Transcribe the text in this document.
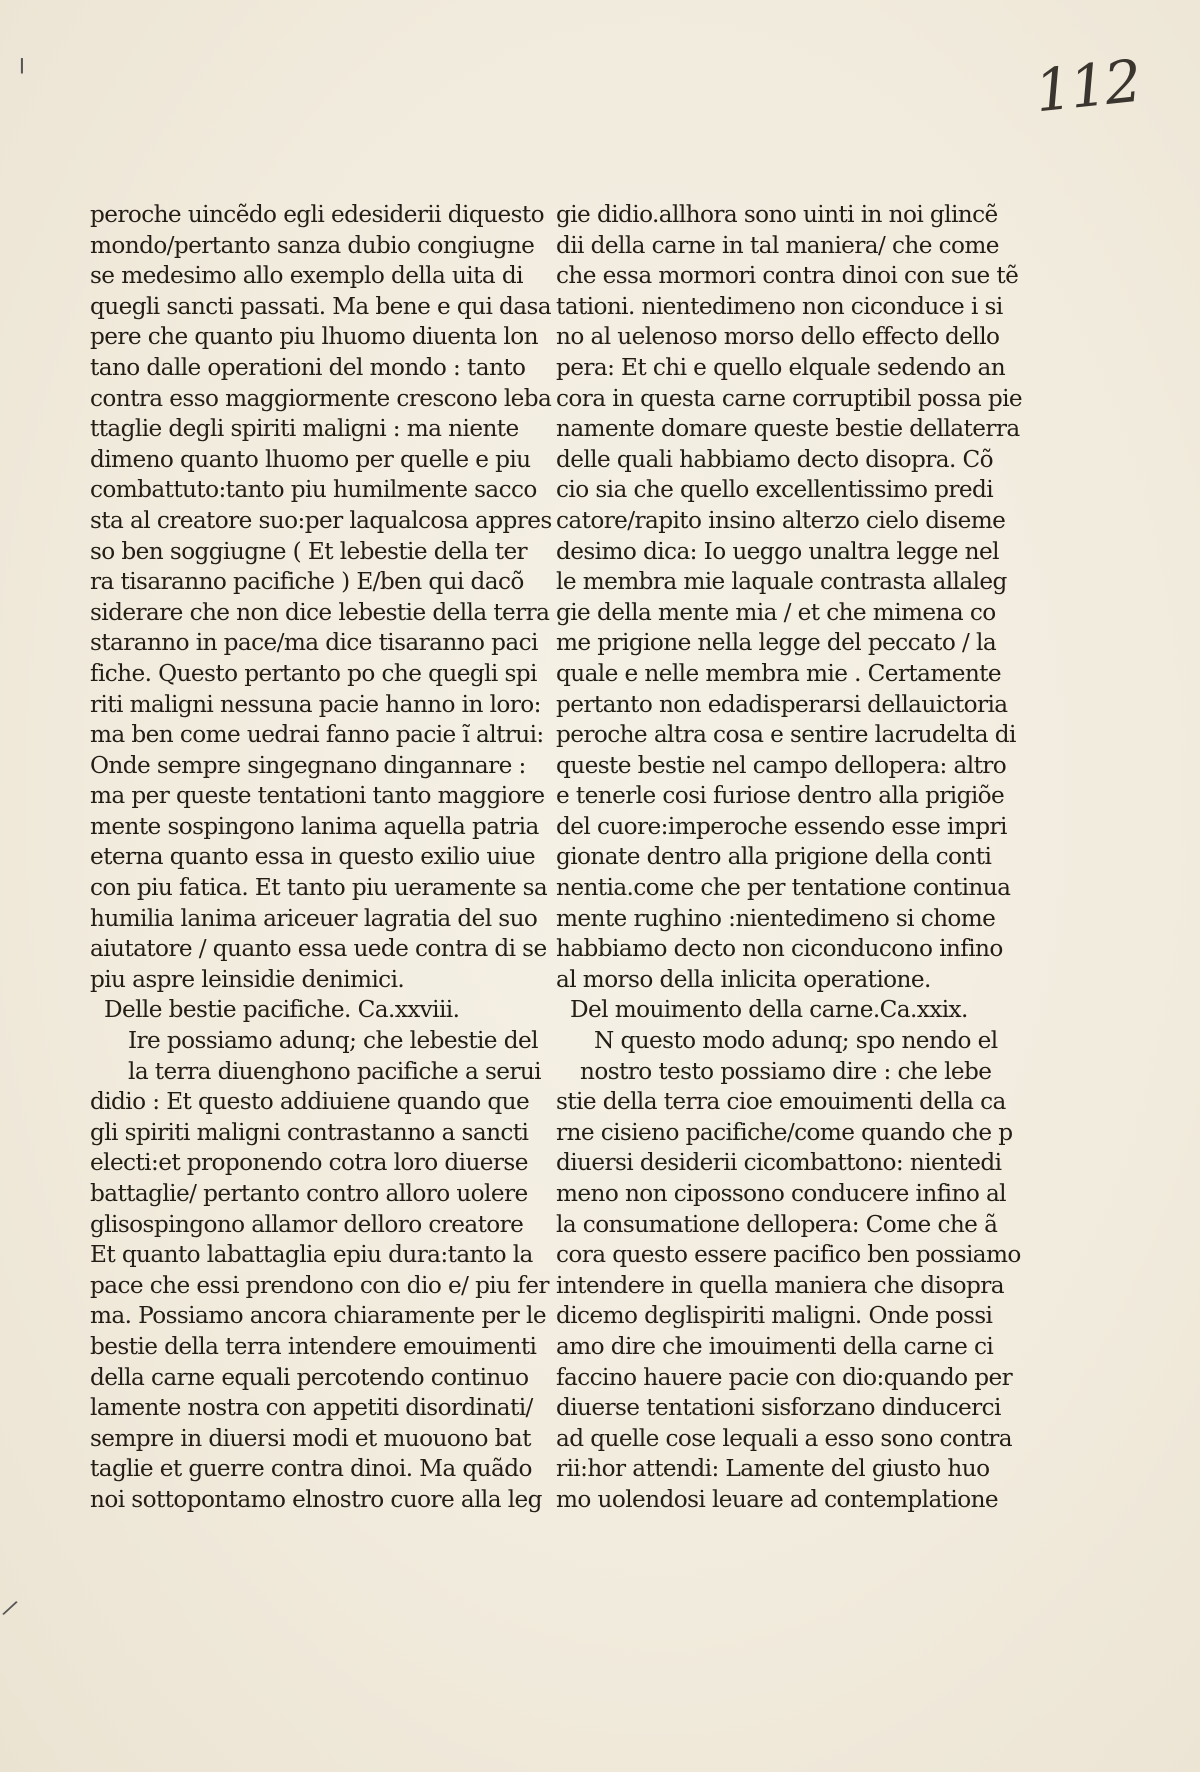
╷	112
peroche uincẽdo egli edesiderii diquesto
mondo/pertanto sanza dubio congiugne
se medesimo allo exemplo della uita di
quegli sancti passati. Ma bene e qui dasa
pere che quanto piu lhuomo diuenta lon
tano dalle operationi del mondo : tanto
contra esso maggiormente crescono leba
ttaglie degli spiriti maligni : ma niente
dimeno quanto lhuomo per quelle e piu
combattuto:tanto piu humilmente sacco
sta al creatore suo:per laqualcosa appres
so ben soggiugne ( Et lebestie della ter
ra tisaranno pacifiche ) E/ben qui dacõ
siderare che non dice lebestie della terra
staranno in pace/ma dice tisaranno paci
fiche. Questo pertanto po che quegli spi
riti maligni nessuna pacie hanno in loro:
ma ben come uedrai fanno pacie ĩ altrui:
Onde sempre singegnano dingannare :
ma per queste tentationi tanto maggiore
mente sospingono lanima aquella patria
eterna quanto essa in questo exilio uiue
con piu fatica. Et tanto piu ueramente sa
humilia lanima ariceuer lagratia del suo
aiutatore / quanto essa uede contra di se
piu aspre leinsidie denimici.
Delle bestie pacifiche. Ca.xxviii.
Ire possiamo adunq; che lebestie del
la terra diuenghono pacifiche a serui
didio : Et questo addiuiene quando que
gli spiriti maligni contrastanno a sancti
electi:et proponendo cotra loro diuerse
battaglie/ pertanto contro alloro uolere
glisospingono allamor delloro creatore
Et quanto labattaglia epiu dura:tanto la
pace che essi prendono con dio e/ piu fer
ma. Possiamo ancora chiaramente per le
bestie della terra intendere emouimenti
della carne equali percotendo continuo
lamente nostra con appetiti disordinati/
sempre in diuersi modi et muouono bat
taglie et guerre contra dinoi. Ma quãdo
noi sottopontamo elnostro cuore alla leg
gie didio.allhora sono uinti in noi glincẽ
dii della carne in tal maniera/ che come
che essa mormori contra dinoi con sue tẽ
tationi. nientedimeno non ciconduce i si
no al uelenoso morso dello effecto dello
pera: Et chi e quello elquale sedendo an
cora in questa carne corruptibil possa pie
namente domare queste bestie dellaterra
delle quali habbiamo decto disopra. Cõ
cio sia che quello excellentissimo predi
catore/rapito insino alterzo cielo diseme
desimo dica: Io ueggo unaltra legge nel
le membra mie laquale contrasta allaleg
gie della mente mia / et che mimena co
me prigione nella legge del peccato / la
quale e nelle membra mie . Certamente
pertanto non edadisperarsi dellauictoria
peroche altra cosa e sentire lacrudelta di
queste bestie nel campo dellopera: altro
e tenerle cosi furiose dentro alla prigiõe
del cuore:imperoche essendo esse impri
gionate dentro alla prigione della conti
nentia.come che per tentatione continua
mente rughino :nientedimeno si chome
habbiamo decto non ciconducono infino
al morso della inlicita operatione.
Del mouimento della carne.Ca.xxix.
N questo modo adunq; spo nendo el
nostro testo possiamo dire : che lebe
stie della terra cioe emouimenti della ca
rne cisieno pacifiche/come quando che p
diuersi desiderii cicombattono: nientedi
meno non cipossono conducere infino al
la consumatione dellopera: Come che ã
cora questo essere pacifico ben possiamo
intendere in quella maniera che disopra
dicemo deglispiriti maligni. Onde possi
amo dire che imouimenti della carne ci
faccino hauere pacie con dio:quando per
diuerse tentationi sisforzano dinducerci
ad quelle cose lequali a esso sono contra
rii:hor attendi: Lamente del giusto huo
mo uolendosi leuare ad contemplatione
/
